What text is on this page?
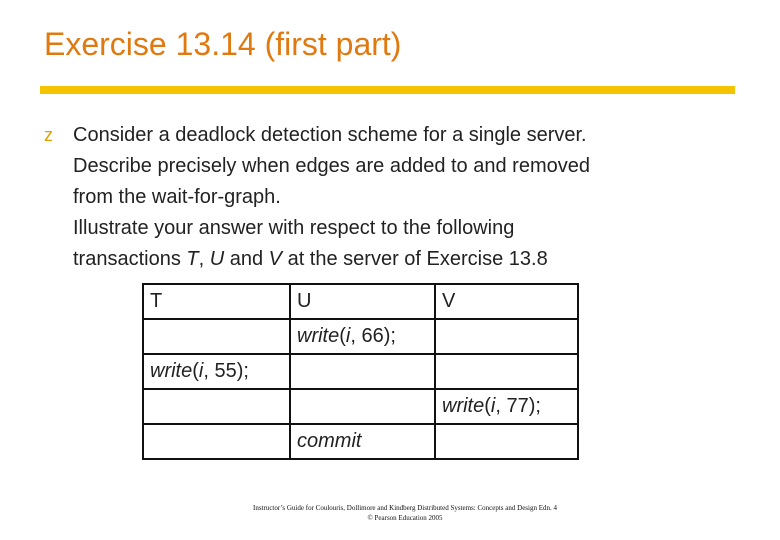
Exercise 13.14 (first part)
z Consider a deadlock detection scheme for a single server.

Describe precisely when edges are added to and removed

from the wait-for-graph.

Illustrate your answer with respect to the following

transactions T, U and V at the server of Exercise 13.8

T	U	V
	write(i, 66);	
write(i, 55);		
		write(i, 77);
	commit	

Instructor’s Guide for Coulouris, Dollimore and Kindberg Distributed Systems: Concepts and Design Edn. 4

© Pearson Education 2005
